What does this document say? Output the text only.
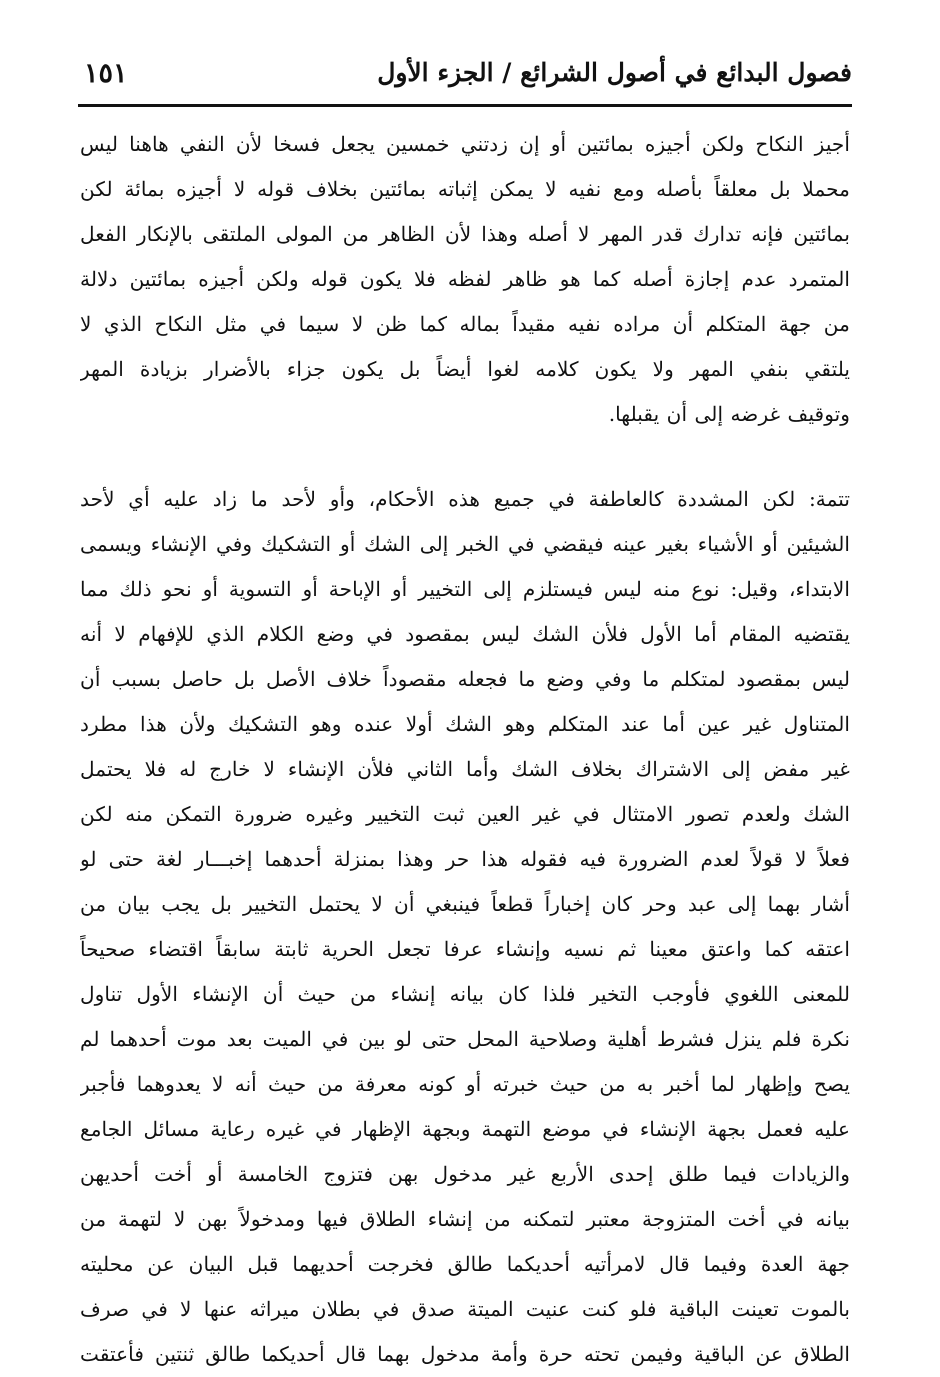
فصول البدائع في أصول الشرائع / الجزء الأول
١٥١
أجيز النكاح ولكن أجيزه بمائتين أو إن زدتني خمسين يجعل فسخا لأن النفي هاهنا ليس
محملا بل معلقاً بأصله ومع نفيه لا يمكن إثباته بمائتين بخلاف قوله لا أجيزه بمائة لكن
بمائتين فإنه تدارك قدر المهر لا أصله وهذا لأن الظاهر من المولى الملتقى بالإنكار الفعل
المتمرد عدم إجازة أصله كما هو ظاهر لفظه فلا يكون قوله ولكن أجيزه بمائتين دلالة
من جهة المتكلم أن مراده نفيه مقيداً بماله كما ظن لا سيما في مثل النكاح الذي لا
يلتقي بنفي المهر ولا يكون كلامه لغوا أيضاً بل يكون جزاء بالأضرار بزيادة المهر
وتوقيف غرضه إلى أن يقبلها.
تتمة: لكن المشددة كالعاطفة في جميع هذه الأحكام، وأو لأحد ما زاد عليه أي لأحد
الشيئين أو الأشياء بغير عينه فيقضي في الخبر إلى الشك أو التشكيك وفي الإنشاء ويسمى
الابتداء، وقيل: نوع منه ليس فيستلزم إلى التخيير أو الإباحة أو التسوية أو نحو ذلك مما
يقتضيه المقام أما الأول فلأن الشك ليس بمقصود في وضع الكلام الذي للإفهام لا أنه
ليس بمقصود لمتكلم ما وفي وضع ما فجعله مقصوداً خلاف الأصل بل حاصل بسبب أن
المتناول غير عين أما عند المتكلم وهو الشك أولا عنده وهو التشكيك ولأن هذا مطرد
غير مفض إلى الاشتراك بخلاف الشك وأما الثاني فلأن الإنشاء لا خارج له فلا يحتمل
الشك ولعدم تصور الامتثال في غير العين ثبت التخيير وغيره ضرورة التمكن منه لكن
فعلاً لا قولاً لعدم الضرورة فيه فقوله هذا حر وهذا بمنزلة أحدهما إخبـــار لغة حتى لو
أشار بهما إلى عبد وحر كان إخباراً قطعاً فينبغي أن لا يحتمل التخيير بل يجب بيان من
اعتقه كما واعتق معينا ثم نسيه وإنشاء عرفا تجعل الحرية ثابتة سابقاً اقتضاء صحيحاً
للمعنى اللغوي فأوجب التخير فلذا كان بيانه إنشاء من حيث أن الإنشاء الأول تناول
نكرة فلم ينزل فشرط أهلية وصلاحية المحل حتى لو بين في الميت بعد موت أحدهما لم
يصح وإظهار لما أخبر به من حيث خبرته أو كونه معرفة من حيث أنه لا يعدوهما فأجبر
عليه فعمل بجهة الإنشاء في موضع التهمة وبجهة الإظهار في غيره رعاية مسائل الجامع
والزيادات فيما طلق إحدى الأربع غير مدخول بهن فتزوج الخامسة أو أخت أحديهن
بيانه في أخت المتزوجة معتبر لتمكنه من إنشاء الطلاق فيها ومدخولاً بهن لا لتهمة من
جهة العدة وفيما قال لامرأتيه أحديكما طالق فخرجت أحديهما قبل البيان عن محليته
بالموت تعينت الباقية فلو كنت عنيت الميتة صدق في بطلان ميراثه عنها لا في صرف
الطلاق عن الباقية وفيمن تحته حرة وأمة مدخول بهما قال أحديكما طالق ثنتين فأعتقت
